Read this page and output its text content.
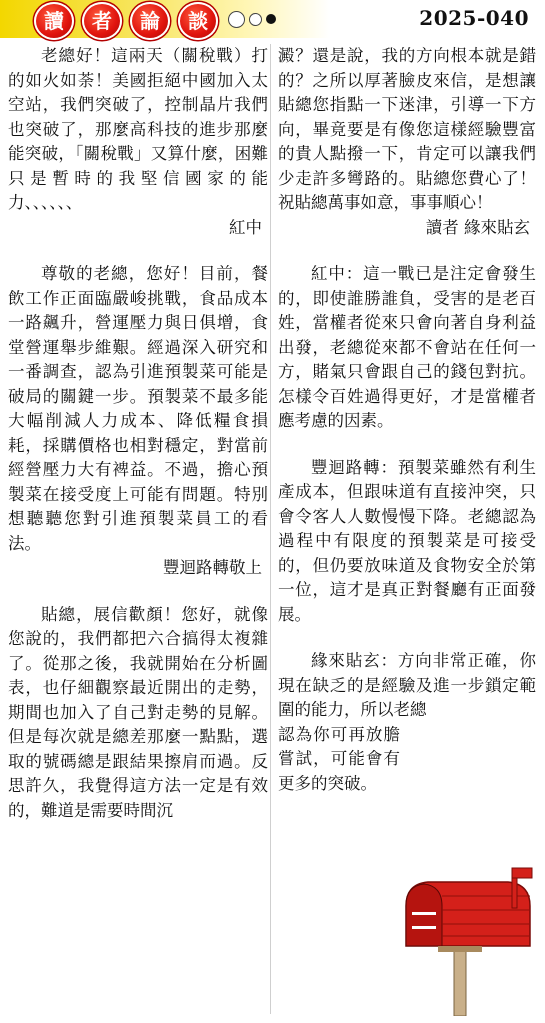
讀	者	論	談	2025-040

老總好！這兩天（關稅戰）打的如火如荼！美國拒絕中國加入太空站，我們突破了，控制晶片我們也突破了，那麼高科技的進步那麼能突破，「關稅戰」又算什麼，困難只是暫時的我堅信國家的能力、、、、、、

紅中

尊敬的老總，您好！目前，餐飲工作正面臨嚴峻挑戰，食品成本一路飆升，營運壓力與日俱增，食堂營運舉步維艱。經過深入研究和一番調查，認為引進預製菜可能是破局的關鍵一步。預製菜不最多能大幅削減人力成本、降低糧食損耗，採購價格也相對穩定，對當前經營壓力大有裨益。不過，擔心預製菜在接受度上可能有問題。特別想聽聽您對引進預製菜員工的看法。

豐迴路轉敬上

貼總，展信歡顏！您好，就像您說的，我們都把六合搞得太複雜了。從那之後，我就開始在分析圖表，也仔細觀察最近開出的走勢，期間也加入了自己對走勢的見解。但是每次就是總差那麼一點點，選取的號碼總是跟結果擦肩而過。反思許久，我覺得這方法一定是有效的，難道是需要時間沉

澱？還是說，我的方向根本就是錯的？之所以厚著臉皮來信，是想讓貼總您指點一下迷津，引導一下方向，畢竟要是有像您這樣經驗豐富的貴人點撥一下，肯定可以讓我們少走許多彎路的。貼總您費心了！祝貼總萬事如意，事事順心！

讀者 緣來貼玄

紅中：這一戰已是注定會發生的，即使誰勝誰負，受害的是老百姓，當權者從來只會向著自身利益出發，老總從來都不會站在任何一方，賭氣只會跟自己的錢包對抗。怎樣令百姓過得更好，才是當權者應考慮的因素。

豐迴路轉：預製菜雖然有利生產成本，但跟味道有直接沖突，只會令客人人數慢慢下降。老總認為過程中有限度的預製菜是可接受的，但仍要放味道及食物安全於第一位，這才是真正對餐廳有正面發展。

緣來貼玄：方向非常正確，你現在缺乏的是經驗及進一步鎖定範圍的能力，所以老總

認為你可再放膽嘗試，可能會有更多的突破。
